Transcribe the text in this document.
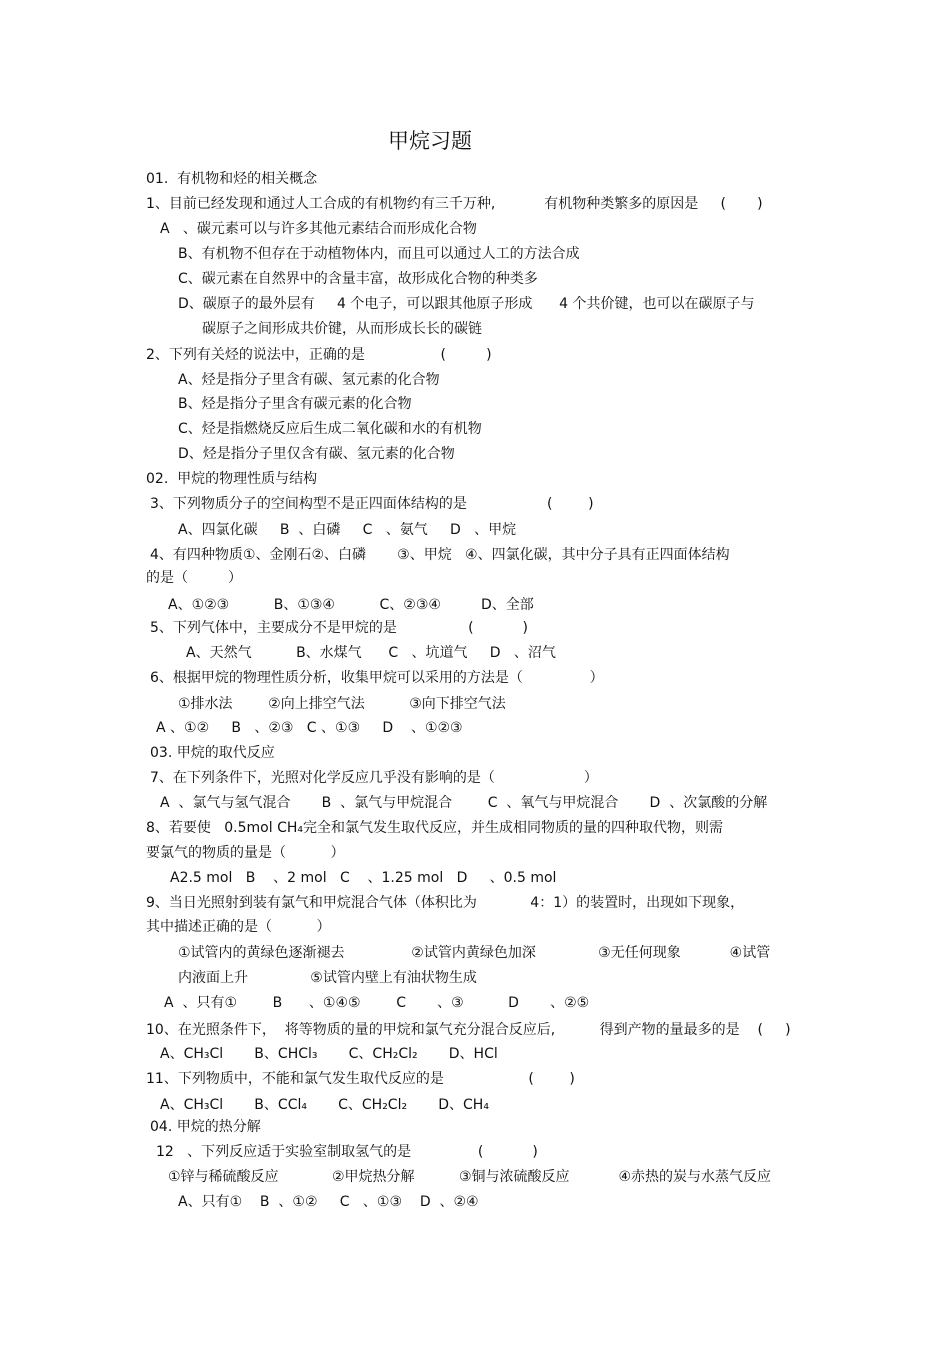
甲烷习题
01.  有机物和烃的相关概念
1、目前已经发现和通过人工合成的有机物约有三千万种,           有机物种类繁多的原因是     (       )
A   、碳元素可以与许多其他元素结合而形成化合物
B、有机物不但存在于动植物体内，而且可以通过人工的方法合成
C、碳元素在自然界中的含量丰富，故形成化合物的种类多
D、碳原子的最外层有     4 个电子，可以跟其他原子形成      4 个共价键，也可以在碳原子与
碳原子之间形成共价键，从而形成长长的碳链
2、下列有关烃的说法中，正确的是                 (         )
A、烃是指分子里含有碳、氢元素的化合物
B、烃是指分子里含有碳元素的化合物
C、烃是指燃烧反应后生成二氧化碳和水的有机物
D、烃是指分子里仅含有碳、氢元素的化合物
02.  甲烷的物理性质与结构
3、下列物质分子的空间构型不是正四面体结构的是                  (        )
A、四氯化碳     B  、白磷     C   、氨气     D   、甲烷
4、有四种物质①、金刚石②、白磷       ③、甲烷   ④、四氯化碳，其中分子具有正四面体结构
的是（         ）
A、①②③          B、①③④          C、②③④         D、全部
5、下列气体中，主要成分不是甲烷的是                (           )
A、天然气          B、水煤气      C   、坑道气     D   、沼气
6、根据甲烷的物理性质分析，收集甲烷可以采用的方法是（               ）
①排水法        ②向上排空气法          ③向下排空气法
A 、①②     B   、②③   C 、①③     D    、①②③
03. 甲烷的取代反应
7、在下列条件下，光照对化学反应几乎没有影响的是（                    ）
A  、氯气与氢气混合       B  、氯气与甲烷混合        C  、氧气与甲烷混合       D  、次氯酸的分解
8、若要使   0.5mol CH₄完全和氯气发生取代反应，并生成相同物质的量的四种取代物，则需
要氯气的物质的量是（          ）
A2.5 mol   B    、2 mol   C    、1.25 mol   D     、0.5 mol
9、当日光照射到装有氯气和甲烷混合气体（体积比为            4：1）的装置时，出现如下现象，
其中描述正确的是（          ）
①试管内的黄绿色逐渐褪去               ②试管内黄绿色加深              ③无任何现象           ④试管
内液面上升              ⑤试管内壁上有油状物生成
A  、只有①        B      、①④⑤        C       、③          D       、②⑤
10、在光照条件下，  将等物质的量的甲烷和氯气充分混合反应后,          得到产物的量最多的是    (     )
A、CH₃Cl       B、CHCl₃       C、CH₂Cl₂       D、HCl
11、下列物质中，不能和氯气发生取代反应的是                   (        )
A、CH₃Cl       B、CCl₄       C、CH₂Cl₂       D、CH₄
04. 甲烷的热分解
12   、下列反应适于实验室制取氢气的是               (           )
①锌与稀硫酸反应            ②甲烷热分解          ③铜与浓硫酸反应           ④赤热的炭与水蒸气反应
A、只有①    B  、①②     C   、①③    D  、②④
